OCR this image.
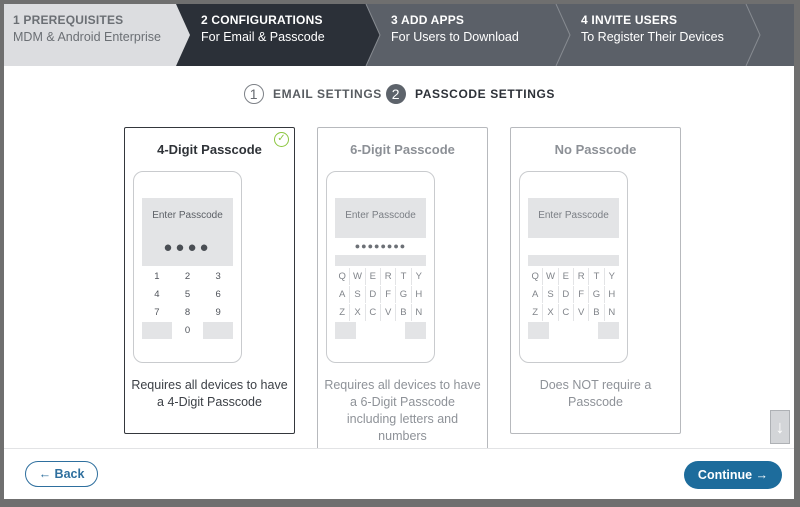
1 PREREQUISITES
MDM & Android Enterprise
2 CONFIGURATIONS
For Email & Passcode
3 ADD APPS
For Users to Download
4 INVITE USERS
To Register Their Devices
1	EMAIL SETTINGS 2	PASSCODE SETTINGS
4-Digit Passcode
✓
Enter Passcode
●●●●
1	2	3
4	5	6
7	8	9
0
Requires all devices to have a 4-Digit Passcode
6-Digit Passcode
Enter Passcode
●●●●●●●●
Q W E R T Y
A S D F G H
Z X C V B N
Requires all devices to have a 6-Digit Passcode including letters and numbers
No Passcode
Enter Passcode
Q W E R T Y
A S D F G H
Z X C V B N
Does NOT require a Passcode
↓
← Back	Continue →
